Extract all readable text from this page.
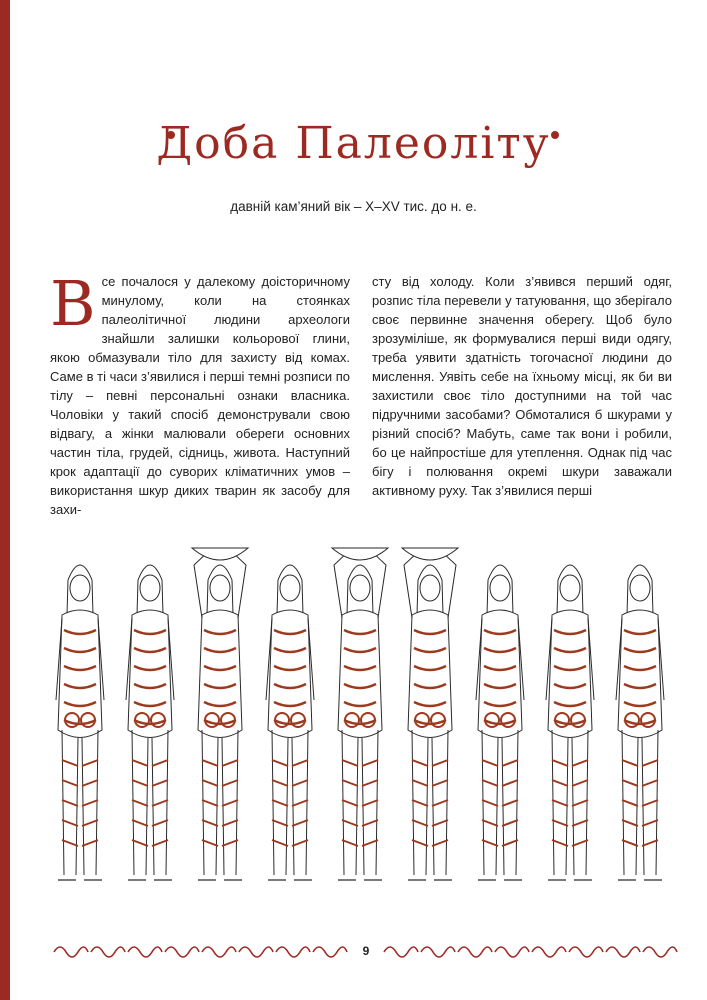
Доба Палеоліту
давній кам’яний вік – X–XV тис. до н. е.
Все почалося у далекому доісторичному минулому, коли на стоянках палеолітичної людини археологи знайшли залишки кольорової глини, якою обмазували тіло для захисту від комах. Саме в ті часи з’явилися і перші темні розписи по тілу – певні персональні ознаки власника. Чоловіки у такий спосіб демонстрували свою відвагу, а жінки малювали обереги основних частин тіла, грудей, сідниць, живота. Наступний крок адаптації до суворих кліматичних умов – використання шкур диких тварин як засобу для захи-
сту від холоду. Коли з’явився перший одяг, розпис тіла перевели у татуювання, що зберігало своє первинне значення оберегу. Щоб було зрозуміліше, як формувалися перші види одягу, треба уявити здатність тогочасної людини до мислення. Уявіть себе на їхньому місці, як би ви захистили своє тіло доступними на той час підручними засобами? Обмоталися б шкурами у різний спосіб? Мабуть, саме так вони і робили, бо це найпростіше для утеплення. Однак під час бігу і полювання окремі шкури заважали активному руху. Так з’явилися перші
9
